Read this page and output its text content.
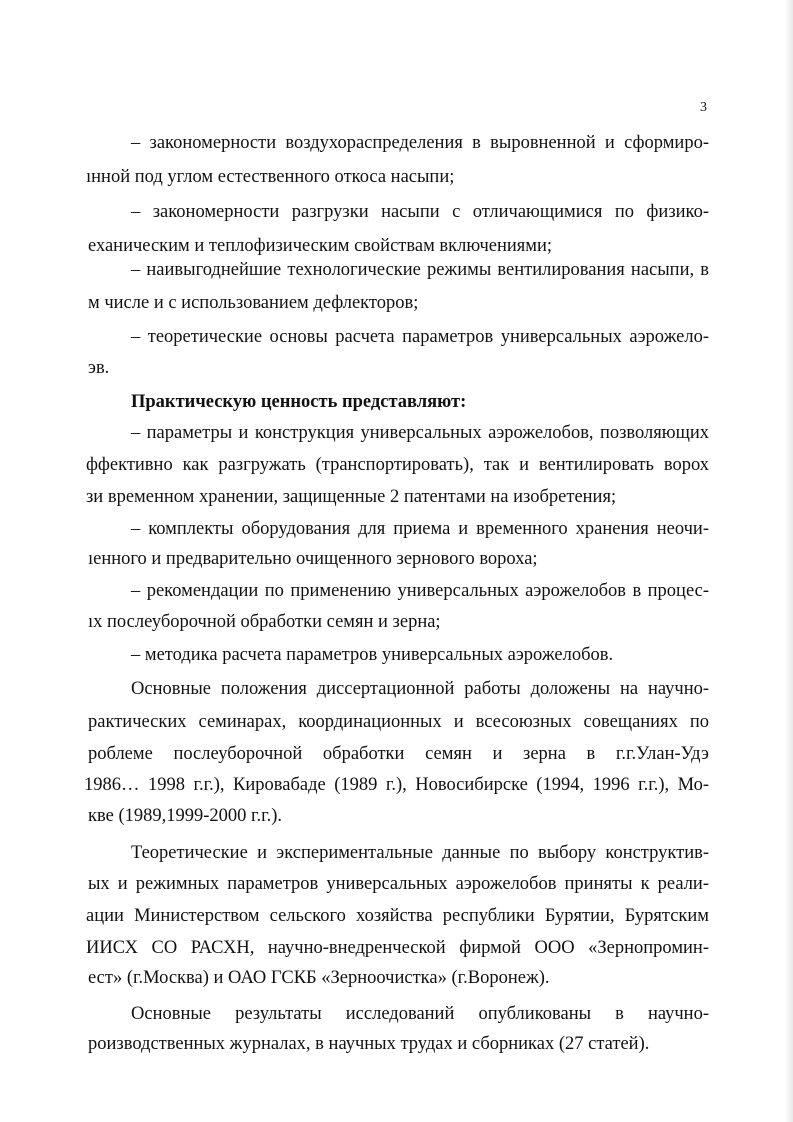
3
– закономерности воздухораспределения в выровненной и сформиро-
ıнной под углом естественного откоса насыпи;
– закономерности разгрузки насыпи с отличающимися по физико-
еханическим и теплофизическим свойствам включениями;
– наивыгоднейшие технологические режимы вентилирования насыпи, в
м числе и с использованием дефлекторов;
– теоретические основы расчета параметров универсальных аэрожело-
эв.
Практическую ценность представляют:
– параметры и конструкция универсальных аэрожелобов, позволяющих
ффективно как разгружать (транспортировать), так и вентилировать ворох
зи временном хранении, защищенные 2 патентами на изобретения;
– комплекты оборудования для приема и временного хранения неочи-
ıенного и предварительно очищенного зернового вороха;
– рекомендации по применению универсальных аэрожелобов в процес-
ıх послеуборочной обработки семян и зерна;
– методика расчета параметров универсальных аэрожелобов.
Основные положения диссертационной работы доложены на научно-
рактических семинарах, координационных и всесоюзных совещаниях по
роблеме послеуборочной обработки семян и зерна в г.г.Улан-Удэ
1986… 1998 г.г.), Кировабаде (1989 г.), Новосибирске (1994, 1996 г.г.), Мо-
кве (1989,1999-2000 г.г.).
Теоретические и экспериментальные данные по выбору конструктив-
ых и режимных параметров универсальных аэрожелобов приняты к реали-
ации Министерством сельского хозяйства республики Бурятии, Бурятским
ИИСХ СО РАСХН, научно-внедренческой фирмой ООО «Зернопромин-
ест» (г.Москва) и ОАО ГСКБ «Зерноочистка» (г.Воронеж).
Основные результаты исследований опубликованы в научно-
роизводственных журналах, в научных трудах и сборниках (27 статей).
